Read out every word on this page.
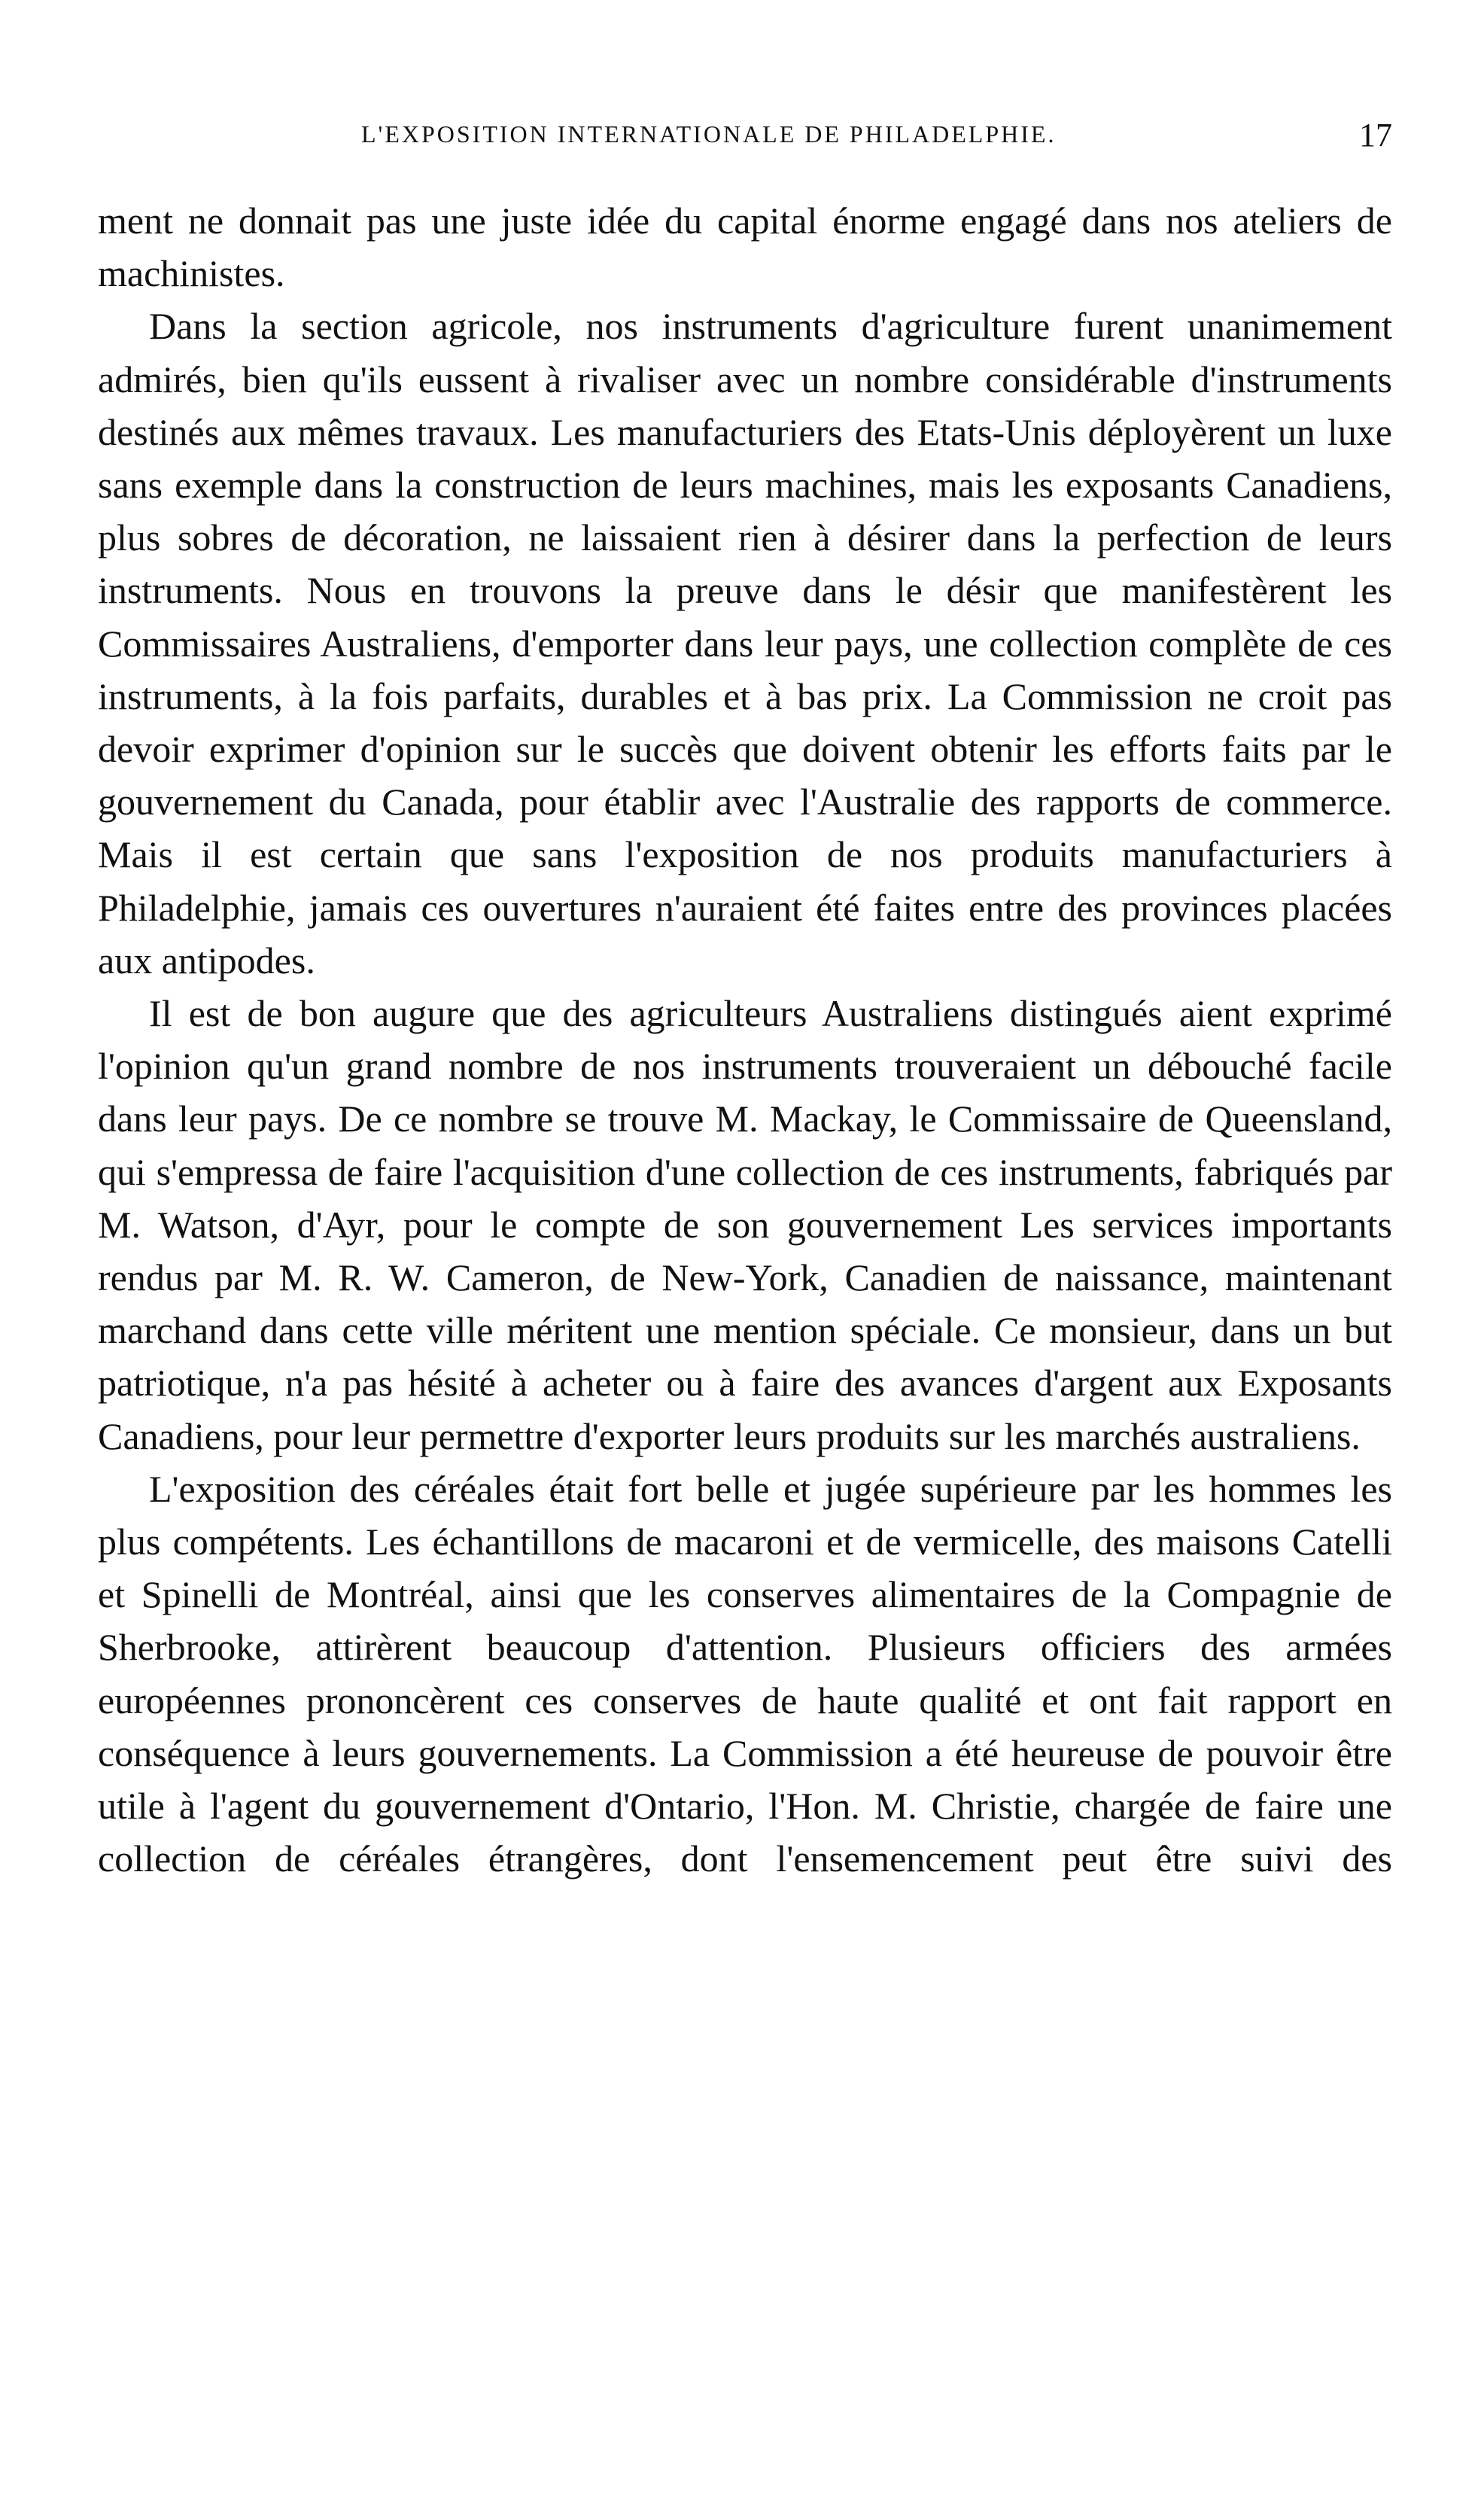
L'EXPOSITION INTERNATIONALE DE PHILADELPHIE.	17

ment ne donnait pas une juste idée du capital énorme engagé dans nos ateliers de machinistes.

Dans la section agricole, nos instruments d'agriculture furent unanimement admirés, bien qu'ils eussent à rivaliser avec un nombre considérable d'instruments destinés aux mêmes travaux. Les manufacturiers des Etats-Unis déployèrent un luxe sans exemple dans la construction de leurs machines, mais les exposants Canadiens, plus sobres de décoration, ne laissaient rien à désirer dans la perfection de leurs instruments. Nous en trouvons la preuve dans le désir que manifestèrent les Commissaires Australiens, d'emporter dans leur pays, une collection complète de ces instruments, à la fois parfaits, durables et à bas prix. La Commission ne croit pas devoir exprimer d'opinion sur le succès que doivent obtenir les efforts faits par le gouvernement du Canada, pour établir avec l'Australie des rapports de commerce. Mais il est certain que sans l'exposition de nos produits manufacturiers à Philadelphie, jamais ces ouvertures n'auraient été faites entre des provinces placées aux antipodes.

Il est de bon augure que des agriculteurs Australiens distingués aient exprimé l'opinion qu'un grand nombre de nos instruments trouveraient un débouché facile dans leur pays. De ce nombre se trouve M. Mackay, le Commissaire de Queensland, qui s'empressa de faire l'acquisition d'une collection de ces instruments, fabriqués par M. Watson, d'Ayr, pour le compte de son gouvernement Les services importants rendus par M. R. W. Cameron, de New-York, Canadien de naissance, maintenant marchand dans cette ville méritent une mention spéciale. Ce monsieur, dans un but patriotique, n'a pas hésité à acheter ou à faire des avances d'argent aux Exposants Canadiens, pour leur permettre d'exporter leurs produits sur les marchés australiens.

L'exposition des céréales était fort belle et jugée supérieure par les hommes les plus compétents. Les échantillons de macaroni et de vermicelle, des maisons Catelli et Spinelli de Montréal, ainsi que les conserves alimentaires de la Compagnie de Sherbrooke, attirèrent beaucoup d'attention. Plusieurs officiers des armées européennes prononcèrent ces conserves de haute qualité et ont fait rapport en conséquence à leurs gouvernements. La Commission a été heureuse de pouvoir être utile à l'agent du gouvernement d'Ontario, l'Hon. M. Christie, chargée de faire une collection de céréales étrangères, dont l'ensemencement peut être suivi des
